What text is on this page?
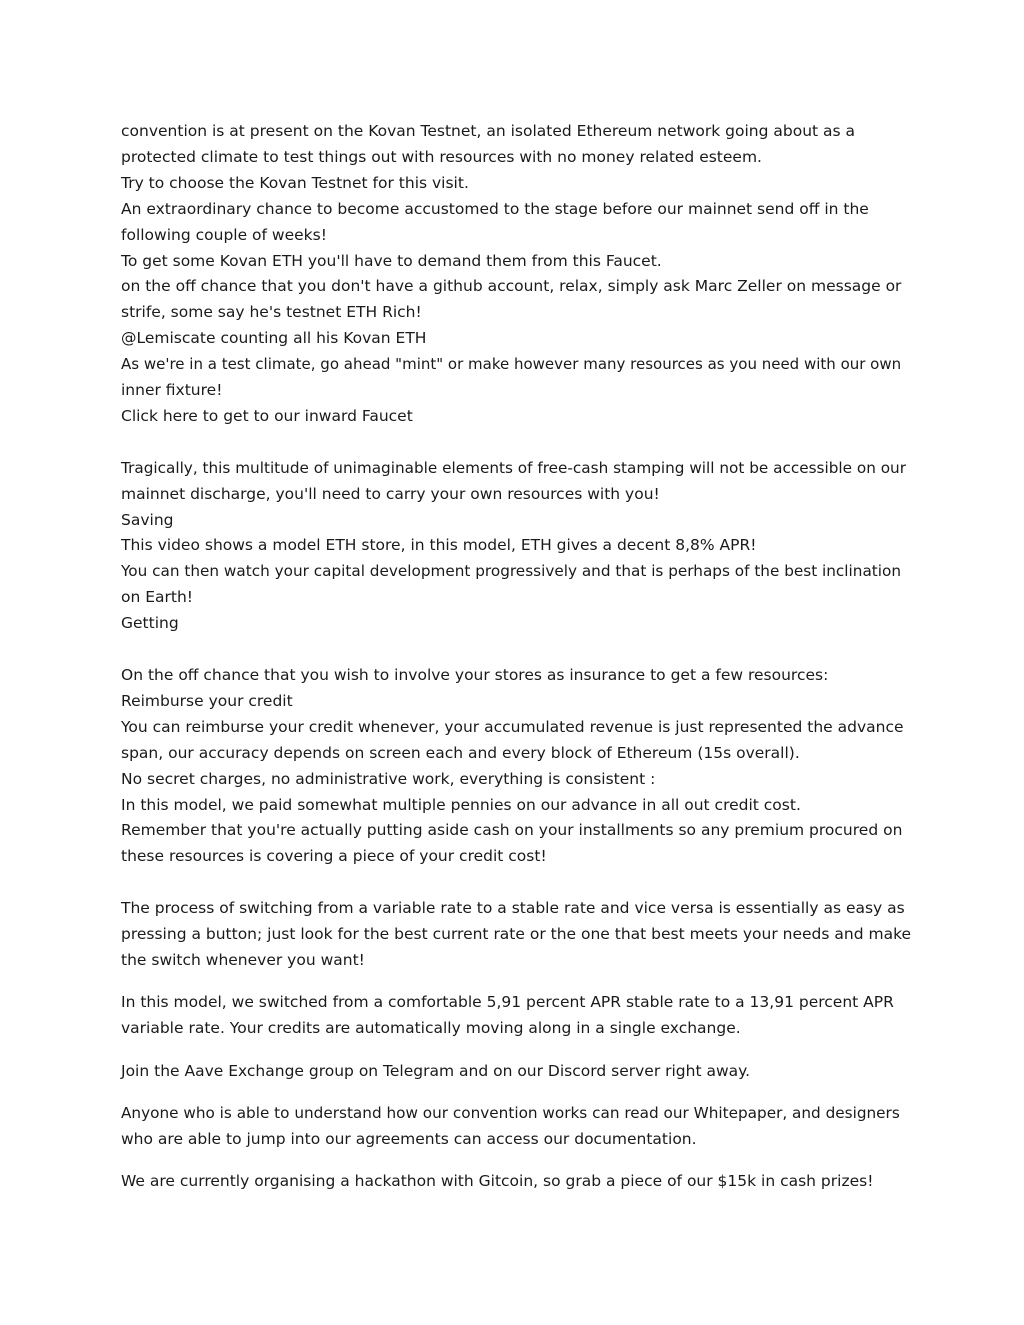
convention is at present on the Kovan Testnet, an isolated Ethereum network going about as a
protected climate to test things out with resources with no money related esteem.
Try to choose the Kovan Testnet for this visit.
An extraordinary chance to become accustomed to the stage before our mainnet send off in the
following couple of weeks!
To get some Kovan ETH you'll have to demand them from this Faucet.
on the off chance that you don't have a github account, relax, simply ask Marc Zeller on message or
strife, some say he's testnet ETH Rich!
@Lemiscate counting all his Kovan ETH
As we're in a test climate, go ahead "mint" or make however many resources as you need with our own
inner fixture!
Click here to get to our inward Faucet
Tragically, this multitude of unimaginable elements of free-cash stamping will not be accessible on our
mainnet discharge, you'll need to carry your own resources with you!
Saving
This video shows a model ETH store, in this model, ETH gives a decent 8,8% APR!
You can then watch your capital development progressively and that is perhaps of the best inclination
on Earth!
Getting
On the off chance that you wish to involve your stores as insurance to get a few resources:
Reimburse your credit
You can reimburse your credit whenever, your accumulated revenue is just represented the advance
span, our accuracy depends on screen each and every block of Ethereum (15s overall).
No secret charges, no administrative work, everything is consistent :
In this model, we paid somewhat multiple pennies on our advance in all out credit cost.
Remember that you're actually putting aside cash on your installments so any premium procured on
these resources is covering a piece of your credit cost!
The process of switching from a variable rate to a stable rate and vice versa is essentially as easy as
pressing a button; just look for the best current rate or the one that best meets your needs and make
the switch whenever you want!
In this model, we switched from a comfortable 5,91 percent APR stable rate to a 13,91 percent APR
variable rate. Your credits are automatically moving along in a single exchange.
Join the Aave Exchange group on Telegram and on our Discord server right away.
Anyone who is able to understand how our convention works can read our Whitepaper, and designers
who are able to jump into our agreements can access our documentation.
We are currently organising a hackathon with Gitcoin, so grab a piece of our $15k in cash prizes!
